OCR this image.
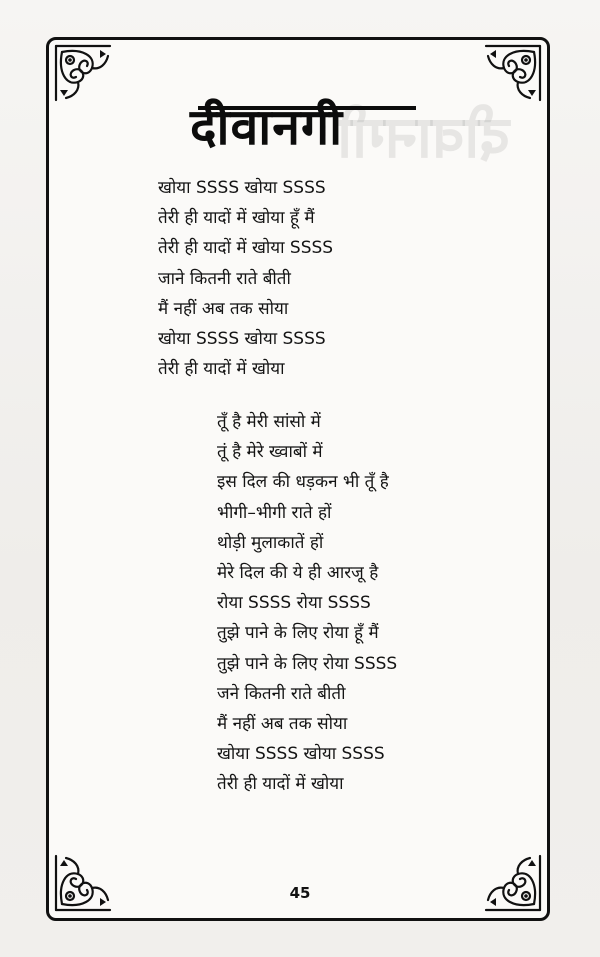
दीवानगी
दीवानगी
खोया SSSS खोया SSSS
तेरी ही यादों में खोया हूँ मैं
तेरी ही यादों में खोया SSSS
जाने कितनी राते बीती
मैं नहीं अब तक सोया
खोया SSSS खोया SSSS
तेरी ही यादों में खोया
तूँ है मेरी सांसो में
तूं है मेरे ख्वाबों में
इस दिल की धड़कन भी तूँ है
भीगी–भीगी राते हों
थोड़ी मुलाकातें हों
मेरे दिल की ये ही आरजू है
रोया SSSS रोया SSSS
तुझे पाने के लिए रोया हूँ मैं
तुझे पाने के लिए रोया SSSS
जने कितनी राते बीती
मैं नहीं अब तक सोया
खोया SSSS खोया SSSS
तेरी ही यादों में खोया
45
